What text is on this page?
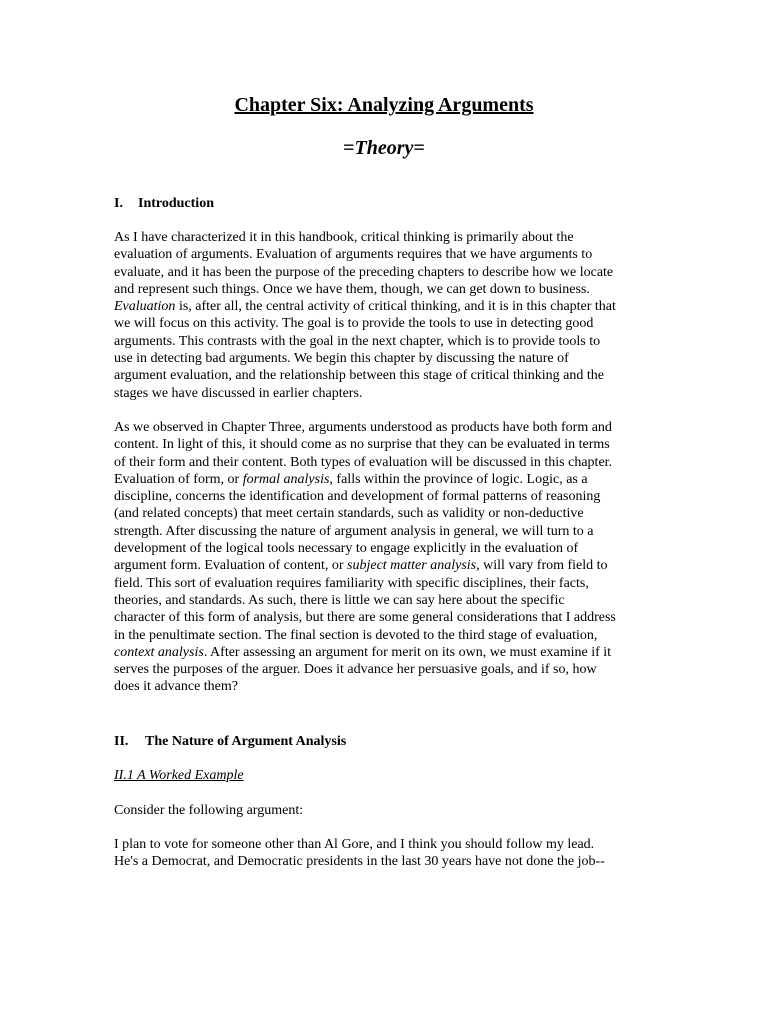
Chapter Six: Analyzing Arguments
=Theory=
I. Introduction
As I have characterized it in this handbook, critical thinking is primarily about the
evaluation of arguments. Evaluation of arguments requires that we have arguments to
evaluate, and it has been the purpose of the preceding chapters to describe how we locate
and represent such things. Once we have them, though, we can get down to business.
Evaluation is, after all, the central activity of critical thinking, and it is in this chapter that
we will focus on this activity. The goal is to provide the tools to use in detecting good
arguments. This contrasts with the goal in the next chapter, which is to provide tools to
use in detecting bad arguments. We begin this chapter by discussing the nature of
argument evaluation, and the relationship between this stage of critical thinking and the
stages we have discussed in earlier chapters.
As we observed in Chapter Three, arguments understood as products have both form and
content. In light of this, it should come as no surprise that they can be evaluated in terms
of their form and their content. Both types of evaluation will be discussed in this chapter.
Evaluation of form, or formal analysis, falls within the province of logic. Logic, as a
discipline, concerns the identification and development of formal patterns of reasoning
(and related concepts) that meet certain standards, such as validity or non-deductive
strength. After discussing the nature of argument analysis in general, we will turn to a
development of the logical tools necessary to engage explicitly in the evaluation of
argument form. Evaluation of content, or subject matter analysis, will vary from field to
field. This sort of evaluation requires familiarity with specific disciplines, their facts,
theories, and standards. As such, there is little we can say here about the specific
character of this form of analysis, but there are some general considerations that I address
in the penultimate section. The final section is devoted to the third stage of evaluation,
context analysis. After assessing an argument for merit on its own, we must examine if it
serves the purposes of the arguer. Does it advance her persuasive goals, and if so, how
does it advance them?
II. The Nature of Argument Analysis
II.1 A Worked Example
Consider the following argument:
I plan to vote for someone other than Al Gore, and I think you should follow my lead.
He's a Democrat, and Democratic presidents in the last 30 years have not done the job--
